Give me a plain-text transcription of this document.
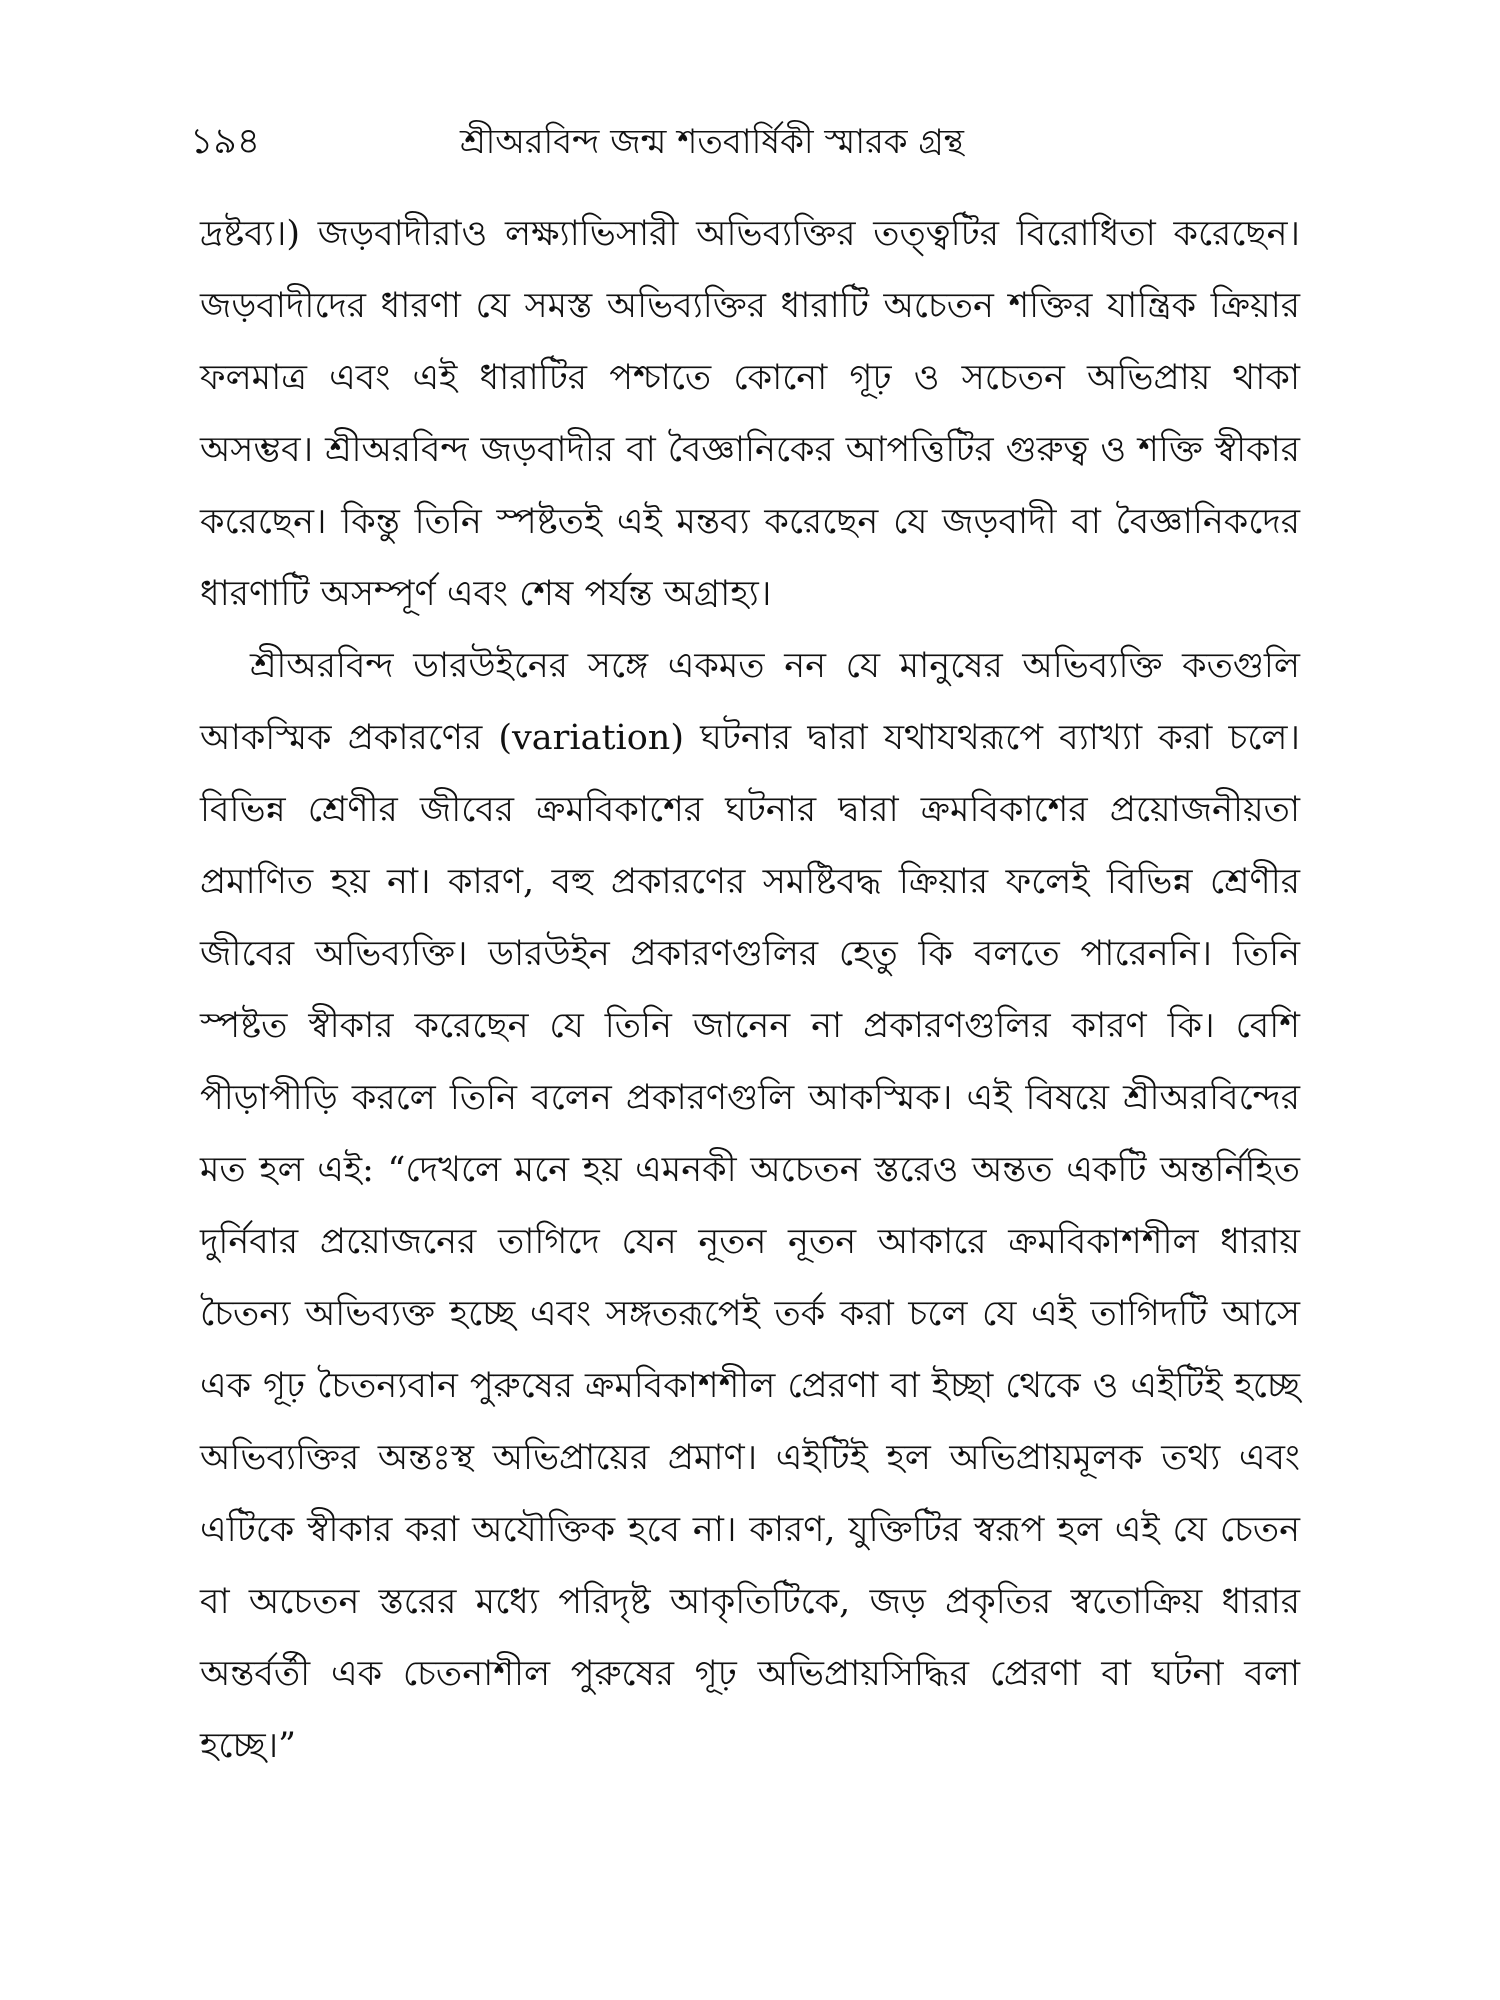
১৯৪	শ্রীঅরবিন্দ জন্ম শতবার্ষিকী স্মারক গ্রন্থ

দ্রষ্টব্য।) জড়বাদীরাও লক্ষ্যাভিসারী অভিব্যক্তির তত্ত্বটির বিরোধিতা করেছেন। জড়বাদীদের ধারণা যে সমস্ত অভিব্যক্তির ধারাটি অচেতন শক্তির যান্ত্রিক ক্রিয়ার ফলমাত্র এবং এই ধারাটির পশ্চাতে কোনো গূঢ় ও সচেতন অভিপ্রায় থাকা অসম্ভব। শ্রীঅরবিন্দ জড়বাদীর বা বৈজ্ঞানিকের আপত্তিটির গুরুত্ব ও শক্তি স্বীকার করেছেন। কিন্তু তিনি স্পষ্টতই এই মন্তব্য করেছেন যে জড়বাদী বা বৈজ্ঞানিকদের ধারণাটি অসম্পূর্ণ এবং শেষ পর্যন্ত অগ্রাহ্য।

শ্রীঅরবিন্দ ডারউইনের সঙ্গে একমত নন যে মানুষের অভিব্যক্তি কতগুলি আকস্মিক প্রকারণের (variation) ঘটনার দ্বারা যথাযথরূপে ব্যাখ্যা করা চলে। বিভিন্ন শ্রেণীর জীবের ক্রমবিকাশের ঘটনার দ্বারা ক্রমবিকাশের প্রয়োজনীয়তা প্রমাণিত হয় না। কারণ, বহু প্রকারণের সমষ্টিবদ্ধ ক্রিয়ার ফলেই বিভিন্ন শ্রেণীর জীবের অভিব্যক্তি। ডারউইন প্রকারণগুলির হেতু কি বলতে পারেননি। তিনি স্পষ্টত স্বীকার করেছেন যে তিনি জানেন না প্রকারণগুলির কারণ কি। বেশি পীড়াপীড়ি করলে তিনি বলেন প্রকারণগুলি আকস্মিক। এই বিষয়ে শ্রীঅরবিন্দের মত হল এই: “দেখলে মনে হয় এমনকী অচেতন স্তরেও অন্তত একটি অন্তর্নিহিত দুর্নিবার প্রয়োজনের তাগিদে যেন নূতন নূতন আকারে ক্রমবিকাশশীল ধারায় চৈতন্য অভিব্যক্ত হচ্ছে এবং সঙ্গতরূপেই তর্ক করা চলে যে এই তাগিদটি আসে এক গূঢ় চৈতন্যবান পুরুষের ক্রমবিকাশশীল প্রেরণা বা ইচ্ছা থেকে ও এইটিই হচ্ছে অভিব্যক্তির অন্তঃস্থ অভিপ্রায়ের প্রমাণ। এইটিই হল অভিপ্রায়মূলক তথ্য এবং এটিকে স্বীকার করা অযৌক্তিক হবে না। কারণ, যুক্তিটির স্বরূপ হল এই যে চেতন বা অচেতন স্তরের মধ্যে পরিদৃষ্ট আকৃতিটিকে, জড় প্রকৃতির স্বতোক্রিয় ধারার অন্তর্বর্তী এক চেতনাশীল পুরুষের গূঢ় অভিপ্রায়সিদ্ধির প্রেরণা বা ঘটনা বলা হচ্ছে।”
